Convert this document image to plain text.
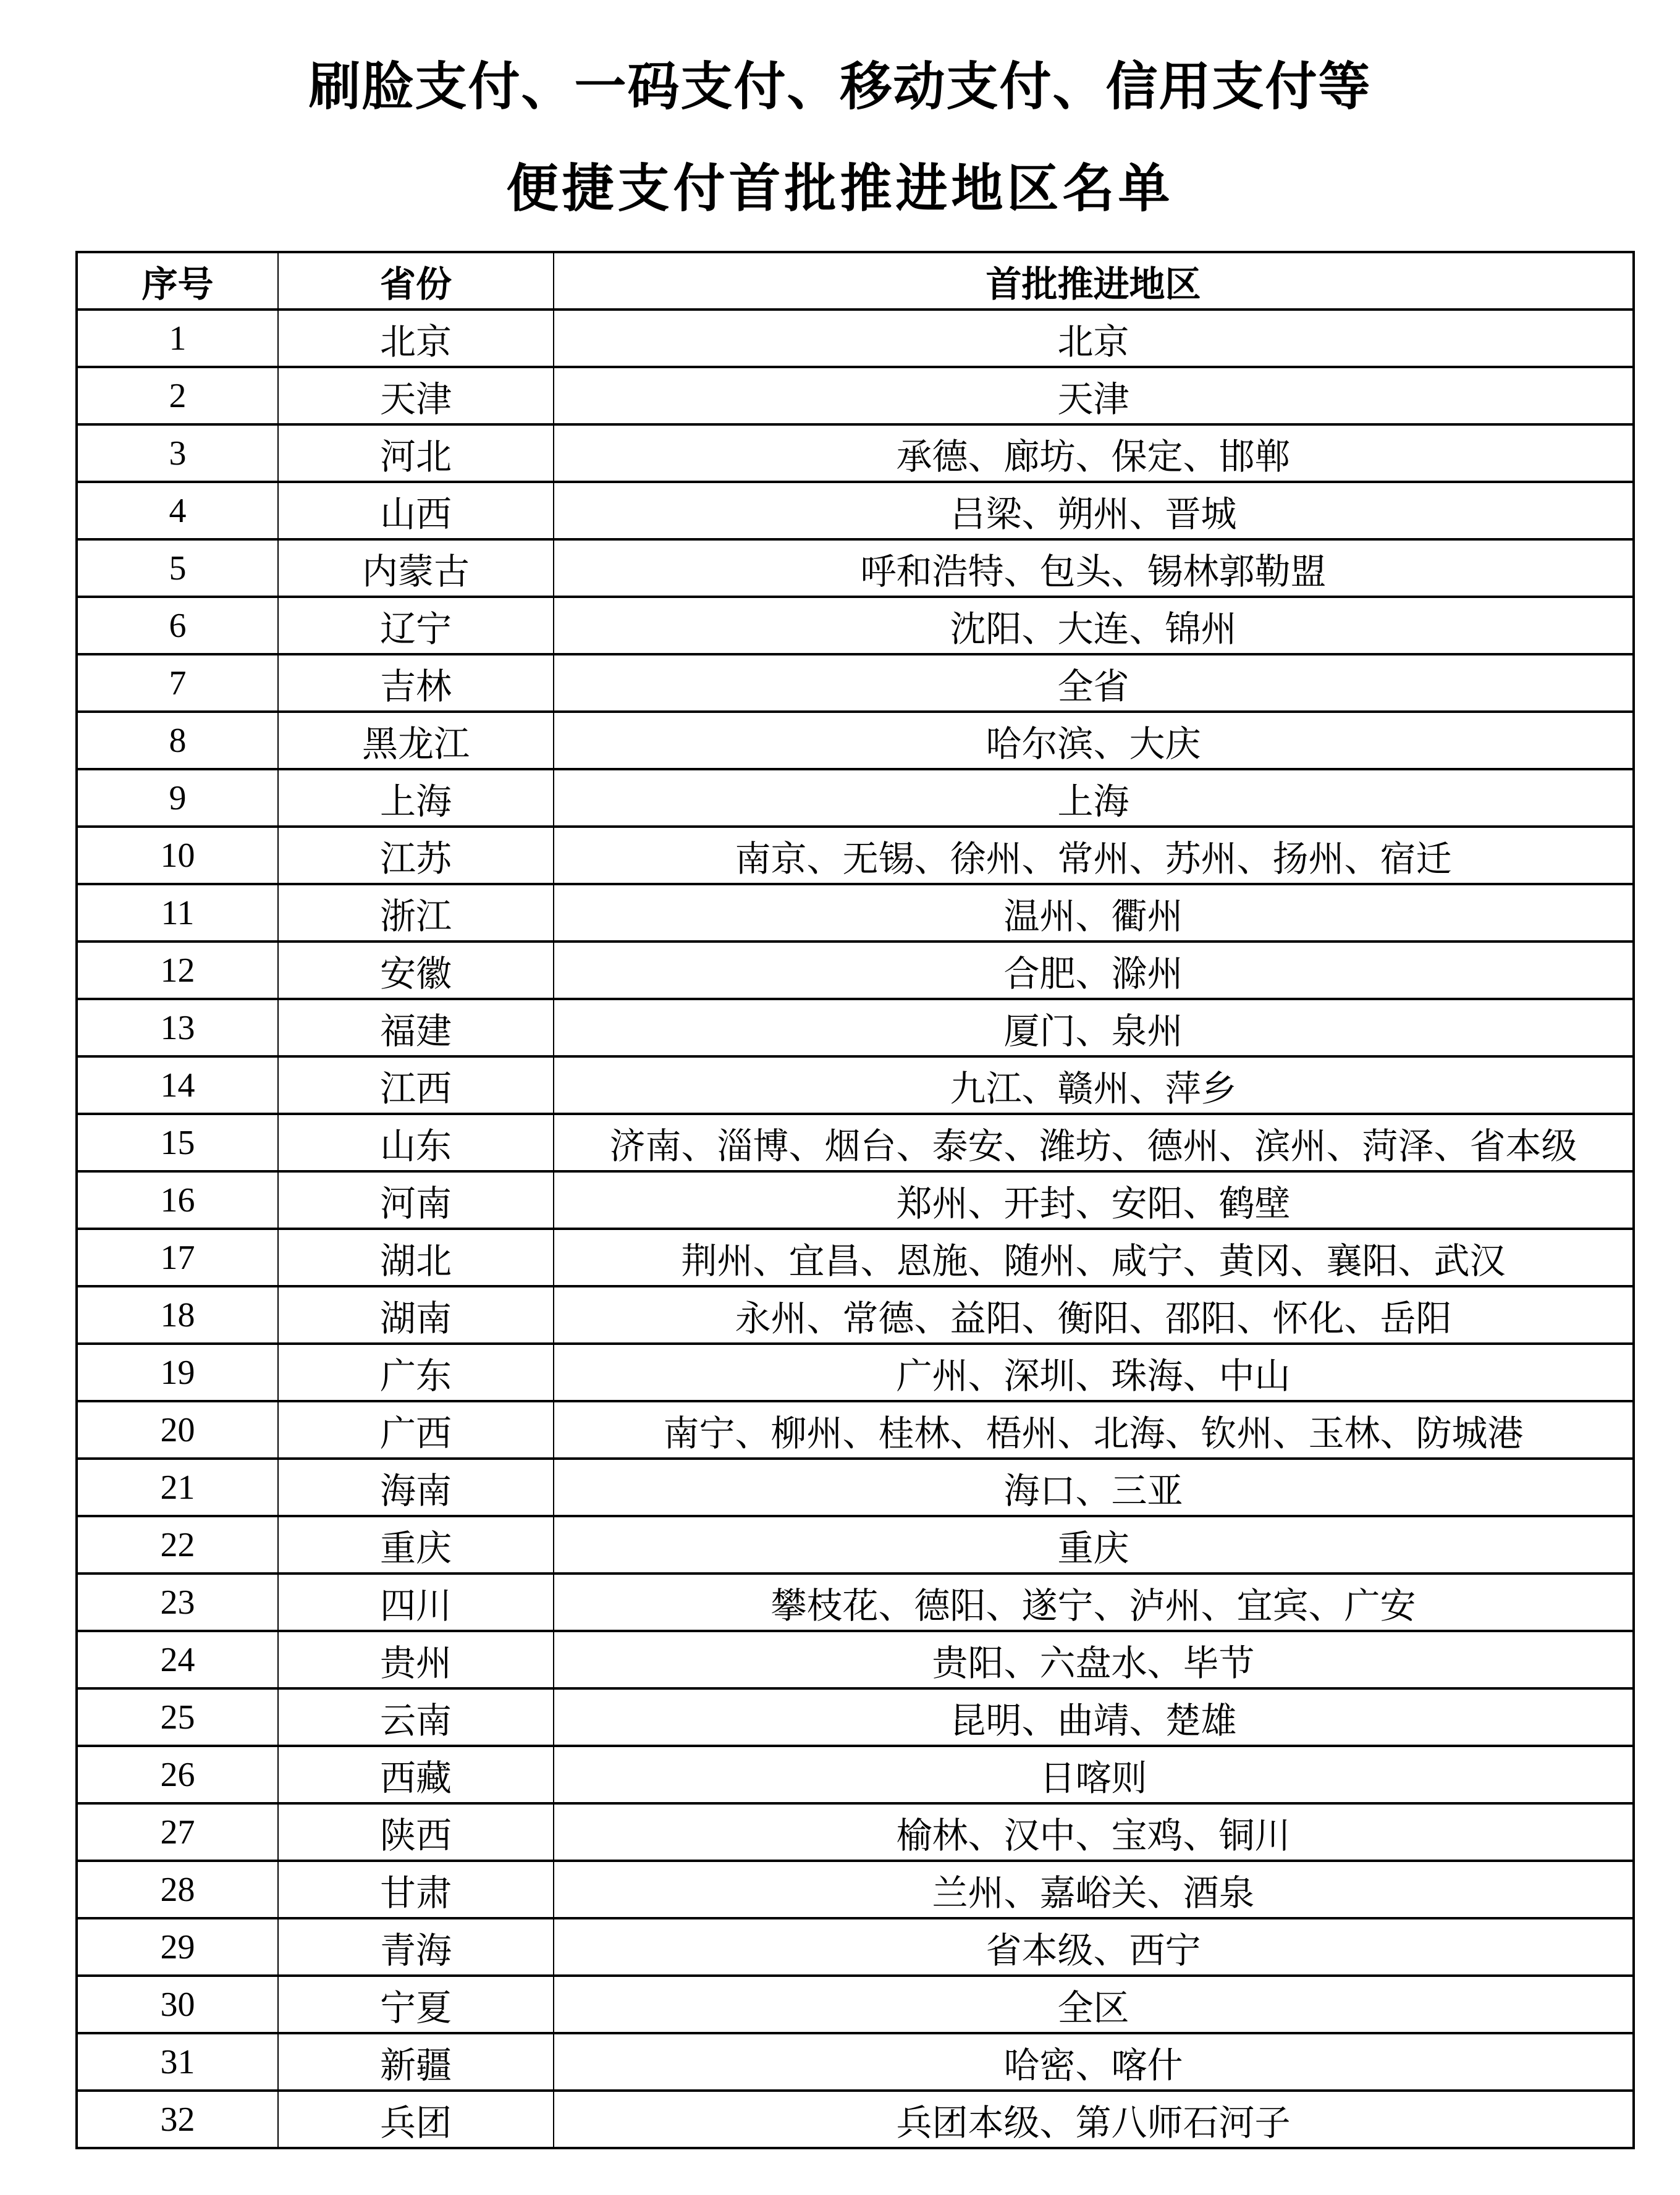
刷脸支付、一码支付、移动支付、信用支付等
便捷支付首批推进地区名单
序号	省份	首批推进地区
1	北京	北京
2	天津	天津
3	河北	承德、廊坊、保定、邯郸
4	山西	吕梁、朔州、晋城
5	内蒙古	呼和浩特、包头、锡林郭勒盟
6	辽宁	沈阳、大连、锦州
7	吉林	全省
8	黑龙江	哈尔滨、大庆
9	上海	上海
10	江苏	南京、无锡、徐州、常州、苏州、扬州、宿迁
11	浙江	温州、衢州
12	安徽	合肥、滁州
13	福建	厦门、泉州
14	江西	九江、赣州、萍乡
15	山东	济南、淄博、烟台、泰安、潍坊、德州、滨州、菏泽、省本级
16	河南	郑州、开封、安阳、鹤壁
17	湖北	荆州、宜昌、恩施、随州、咸宁、黄冈、襄阳、武汉
18	湖南	永州、常德、益阳、衡阳、邵阳、怀化、岳阳
19	广东	广州、深圳、珠海、中山
20	广西	南宁、柳州、桂林、梧州、北海、钦州、玉林、防城港
21	海南	海口、三亚
22	重庆	重庆
23	四川	攀枝花、德阳、遂宁、泸州、宜宾、广安
24	贵州	贵阳、六盘水、毕节
25	云南	昆明、曲靖、楚雄
26	西藏	日喀则
27	陕西	榆林、汉中、宝鸡、铜川
28	甘肃	兰州、嘉峪关、酒泉
29	青海	省本级、西宁
30	宁夏	全区
31	新疆	哈密、喀什
32	兵团	兵团本级、第八师石河子
